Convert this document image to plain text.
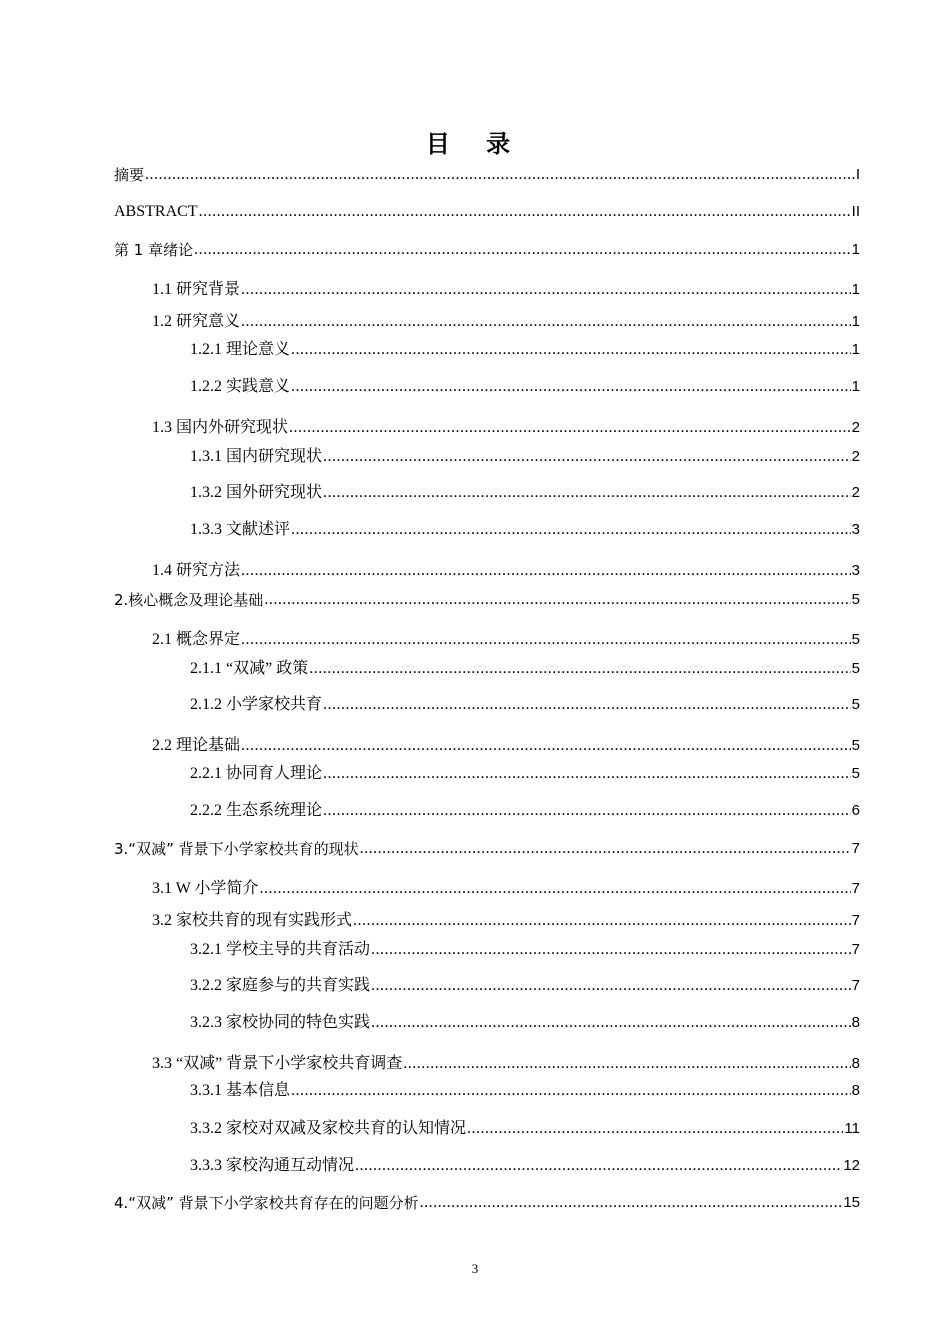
目 录
摘要 .....	I
ABSTRACT .....	II
第 1 章绪论 .....	1
1.1 研究背景 .....	1
1.2 研究意义 .....	1
1.2.1 理论意义 .....	1
1.2.2 实践意义 .....	1
1.3 国内外研究现状 .....	2
1.3.1 国内研究现状 .....	2
1.3.2 国外研究现状 .....	2
1.3.3 文献述评 .....	3
1.4 研究方法 .....	3
2.核心概念及理论基础 .....	5
2.1 概念界定 .....	5
2.1.1 “双减” 政策 .....	5
2.1.2 小学家校共育 .....	5
2.2 理论基础 .....	5
2.2.1 协同育人理论 .....	5
2.2.2 生态系统理论 .....	6
3.“双减” 背景下小学家校共育的现状 .....	7
3.1 W 小学简介 .....	7
3.2 家校共育的现有实践形式 .....	7
3.2.1 学校主导的共育活动 .....	7
3.2.2 家庭参与的共育实践 .....	7
3.2.3 家校协同的特色实践 .....	8
3.3 “双减” 背景下小学家校共育调查 .....	8
3.3.1 基本信息 .....	8
3.3.2 家校对双减及家校共育的认知情况 .....	11
3.3.3 家校沟通互动情况 .....	12
4.“双减” 背景下小学家校共育存在的问题分析 .....	15
3
